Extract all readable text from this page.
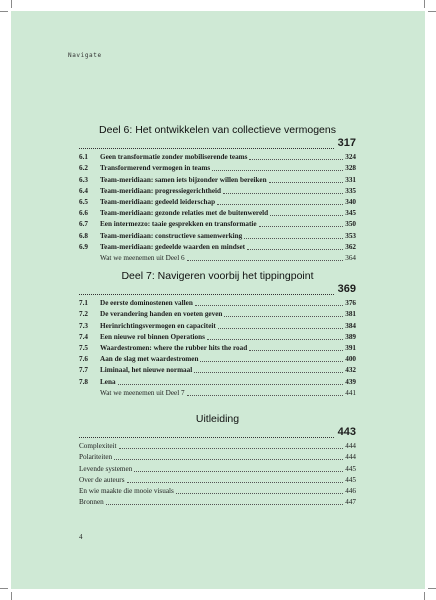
Navigate
Deel 6: Het ontwikkelen van collectieve vermogens
317
6.1	Geen transformatie zonder mobiliserende teams	324
6.2	Transformerend vermogen in teams	328
6.3	Team-meridiaan: samen iets bijzonder willen bereiken	331
6.4	Team-meridiaan: progressiegerichtheid	335
6.5	Team-meridiaan: gedeeld leiderschap	340
6.6	Team-meridiaan: gezonde relaties met de buitenwereld	345
6.7	Een intermezzo: taaie gesprekken en transformatie	350
6.8	Team-meridiaan: constructieve samenwerking	353
6.9	Team-meridiaan: gedeelde waarden en mindset	362
Wat we meenemen uit Deel 6	364
Deel 7: Navigeren voorbij het tippingpoint
369
7.1	De eerste dominostenen vallen	376
7.2	De verandering handen en voeten geven	381
7.3	Herinrichtingsvermogen en capaciteit	384
7.4	Een nieuwe rol binnen Operations	389
7.5	Waardestromen: where the rubber hits the road	391
7.6	Aan de slag met waardestromen	400
7.7	Liminaal, het nieuwe normaal	432
7.8	Lena	439
Wat we meenemen uit Deel 7	441
Uitleiding
443
Complexiteit	444
Polariteiten	444
Levende systemen	445
Over de auteurs	445
En wie maakte die mooie visuals	446
Bronnen	447
4
